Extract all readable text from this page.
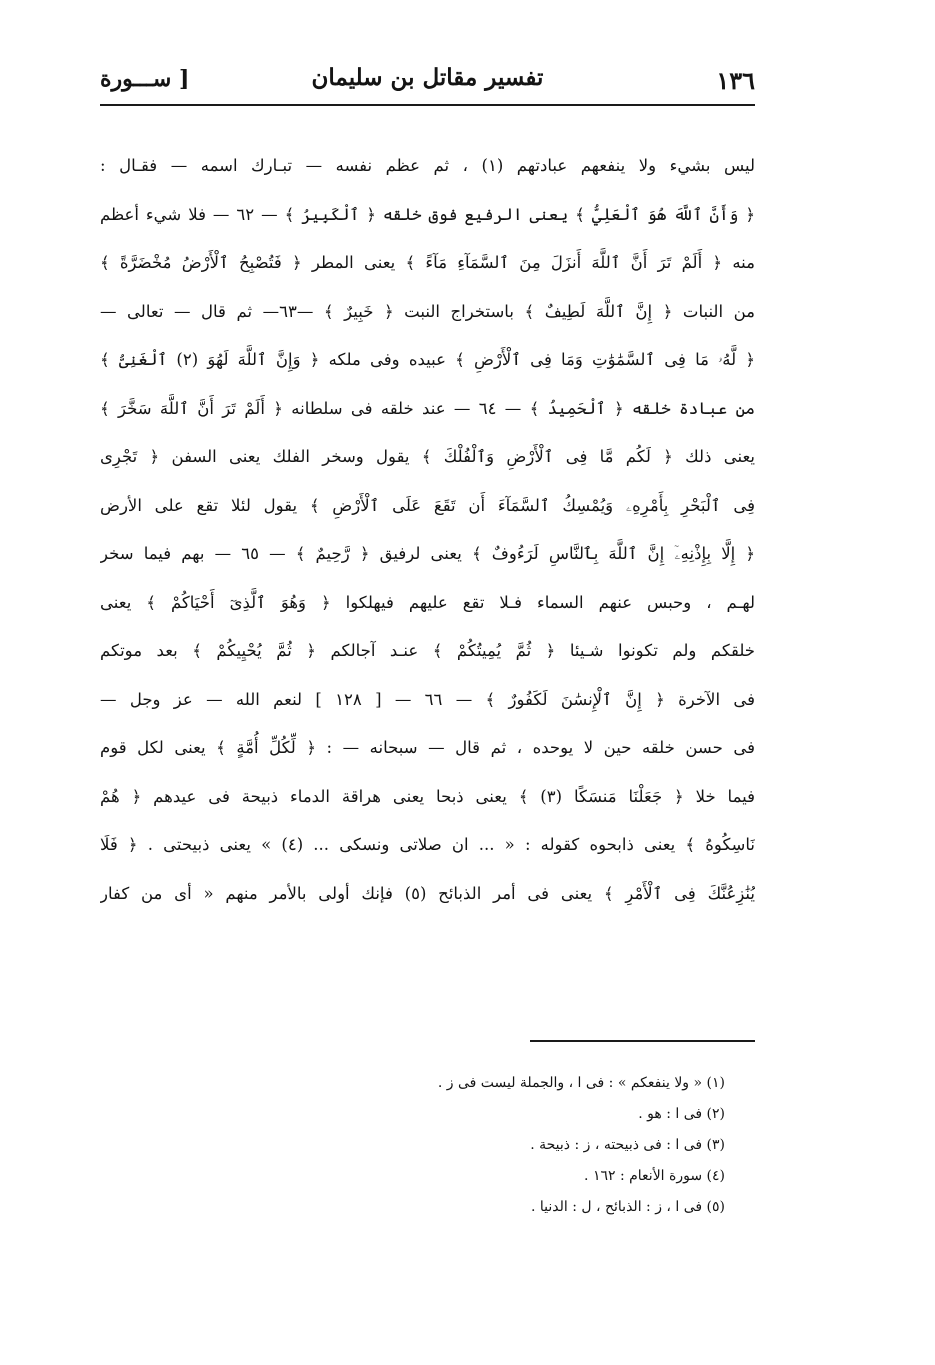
١٣٦
تفسير مقاتل بن سليمان
[ ســـورة
ليس بشيء ولا ينفعهم عبادتهم (١) ، ثم عظم نفسه — تبـارك اسمه — فقـال :
﴿ وَأَنَّ ٱللَّهَ هُوَ ٱلْعَلِيُّ ﴾ يعنى الرفيع فوق خلقه ﴿ ٱلْكَبِيرُ ﴾ — ٦٢ — فلا شيء أعظم
منه ﴿ أَلَمْ تَرَ أَنَّ ٱللَّهَ أَنزَلَ مِنَ ٱلسَّمَآءِ مَآءً ﴾ يعنى المطر ﴿ فَتُصْبِحُ ٱلْأَرْضُ مُخْضَرَّةً ﴾
من النبات ﴿ إِنَّ ٱللَّهَ لَطِيفٌ ﴾ باستخراج النبت ﴿ خَبِيرٌ ﴾ —٦٣— ثم قال — تعالى —
﴿ لَّهُۥ مَا فِى ٱلسَّمَٰوَٰتِ وَمَا فِى ٱلْأَرْضِ ﴾ عبيده وفى ملكه ﴿ وَإِنَّ ٱللَّهَ لَهُوَ (٢) ٱلْغَنِىُّ ﴾
من عبادة خلقه ﴿ ٱلْحَمِيدُ ﴾ — ٦٤ — عند خلقه فى سلطانه ﴿ أَلَمْ تَرَ أَنَّ ٱللَّهَ سَخَّرَ ﴾
يعنى ذلك ﴿ لَكُم مَّا فِى ٱلْأَرْضِ وَٱلْفُلْكَ ﴾ يقول وسخر الفلك يعنى السفن ﴿ تَجْرِى
فِى ٱلْبَحْرِ بِأَمْرِهِۦ وَيُمْسِكُ ٱلسَّمَآءَ أَن تَقَعَ عَلَى ٱلْأَرْضِ ﴾ يقول لئلا تقع على الأرض
﴿ إِلَّا بِإِذْنِهِۦٓ إِنَّ ٱللَّهَ بِٱلنَّاسِ لَرَءُوفٌ ﴾ يعنى لرفيق ﴿ رَّحِيمٌ ﴾ — ٦٥ — بهم فيما سخر
لهـم ، وحبس عنهم السماء فـلا تقع عليهم فيهلكوا ﴿ وَهُوَ ٱلَّذِىٓ أَحْيَاكُمْ ﴾ يعنى
خلقكم ولم تكونوا شـيئا ﴿ ثُمَّ يُمِيتُكُمْ ﴾ عنـد آجالكم ﴿ ثُمَّ يُحْيِيكُمْ ﴾ بعد موتكم
فى الآخرة ﴿ إِنَّ ٱلْإِنسَٰنَ لَكَفُورٌ ﴾ — ٦٦ — [ ١٢٨ ] لنعم الله — عز وجل —
فى حسن خلقه حين لا يوحده ، ثم قال — سبحانه — : ﴿ لِّكُلِّ أُمَّةٍ ﴾ يعنى لكل قوم
فيما خلا ﴿ جَعَلْنَا مَنسَكًا (٣) ﴾ يعنى ذبحا يعنى هراقة الدماء ذبيحة فى عيدهم ﴿ هُمْ
نَاسِكُوهُ ﴾ يعنى ذابحوه كقوله : « ... ان صلاتى ونسكى ... (٤) » يعنى ذبيحتى . ﴿ فَلَا
يُنَٰزِعُنَّكَ فِى ٱلْأَمْرِ ﴾ يعنى فى أمر الذبائح (٥) فإنك أولى بالأمر منهم « أى من كفار
(١) « ولا ينفعكم » : فى ا ، والجملة ليست فى ز .
(٢) فى ا : هو .
(٣) فى ا : فى ذبيحته ، ز : ذبيحة .
(٤) سورة الأنعام : ١٦٢ .
(٥) فى ا ، ز : الذبائح ، ل : الدنيا .
